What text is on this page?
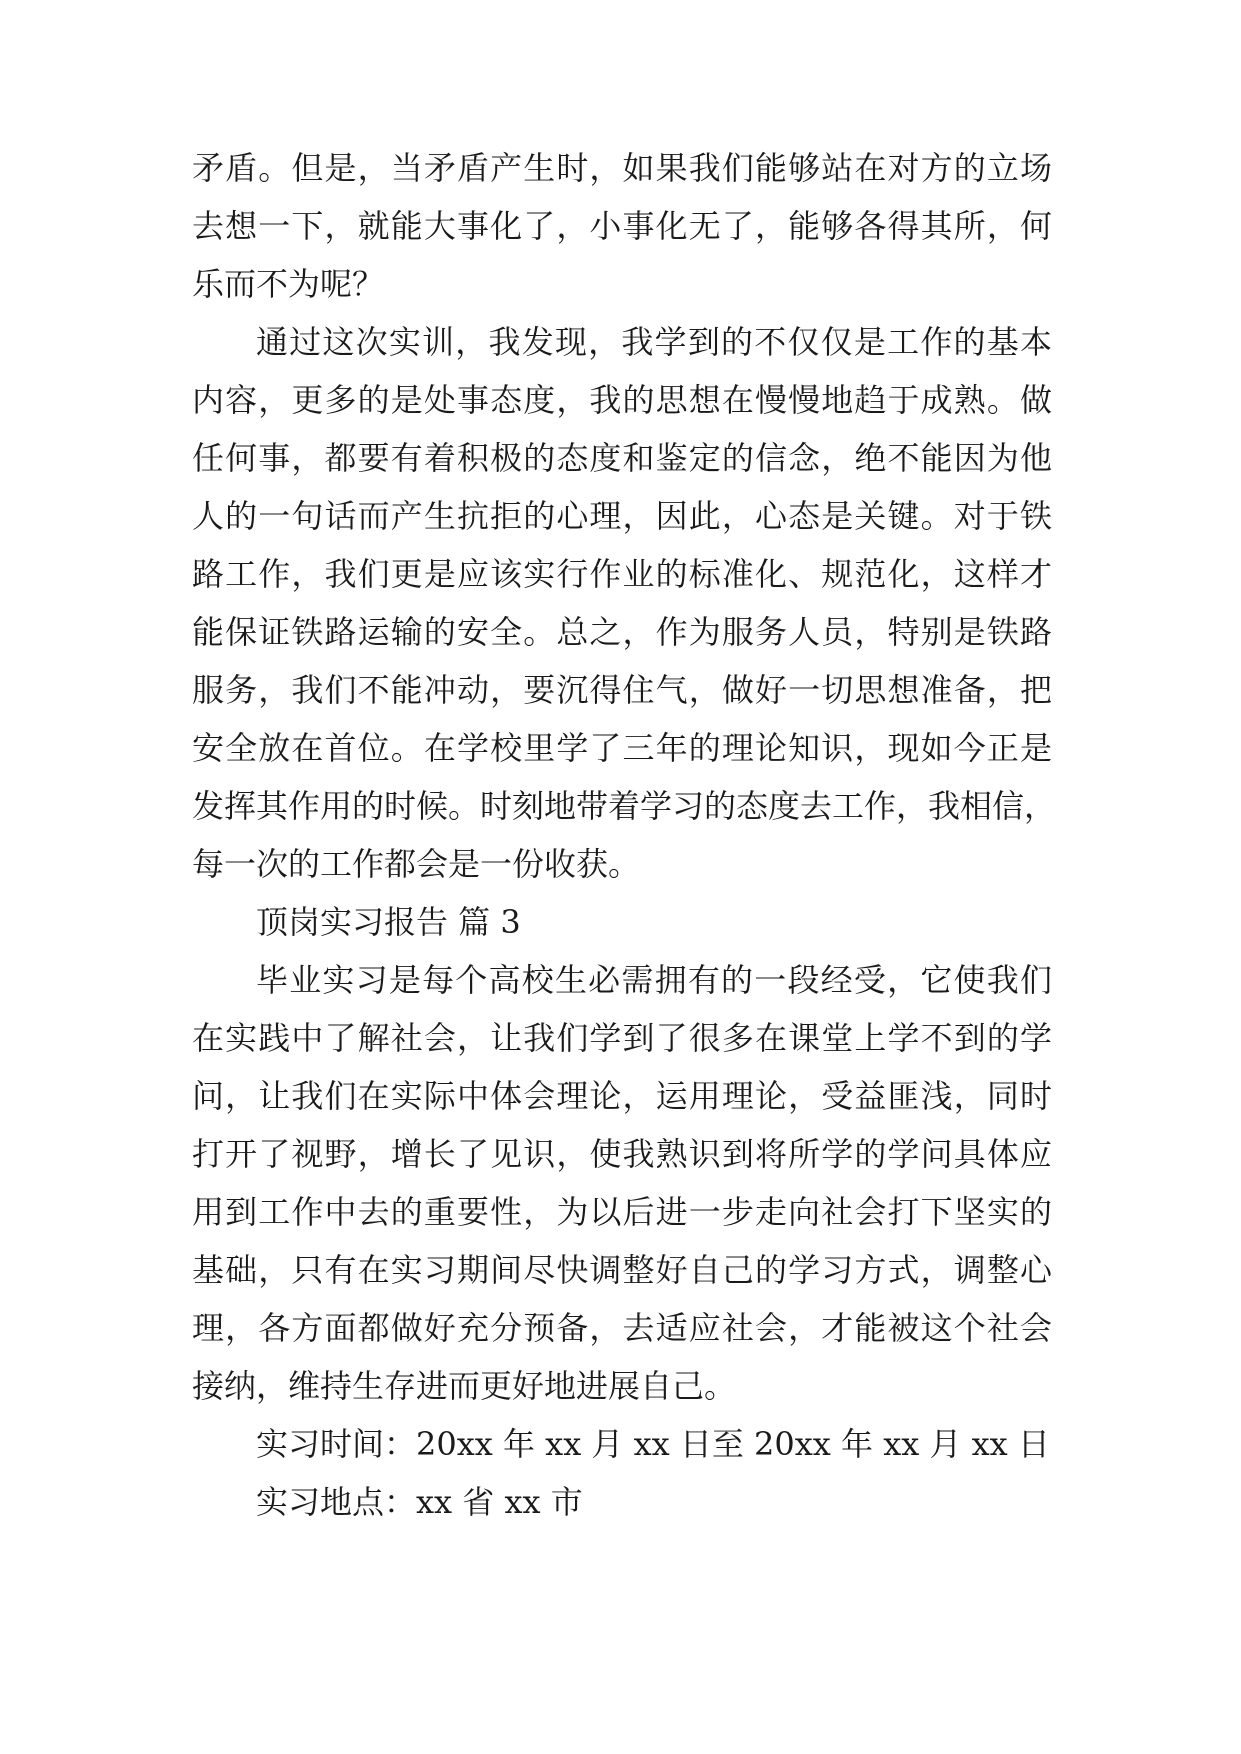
矛盾。但是，当矛盾产生时，如果我们能够站在对方的立场
去想一下，就能大事化了，小事化无了，能够各得其所，何
乐而不为呢？
通过这次实训，我发现，我学到的不仅仅是工作的基本
内容，更多的是处事态度，我的思想在慢慢地趋于成熟。做
任何事，都要有着积极的态度和鉴定的信念，绝不能因为他
人的一句话而产生抗拒的心理，因此，心态是关键。对于铁
路工作，我们更是应该实行作业的标准化、规范化，这样才
能保证铁路运输的安全。总之，作为服务人员，特别是铁路
服务，我们不能冲动，要沉得住气，做好一切思想准备，把
安全放在首位。在学校里学了三年的理论知识，现如今正是
发挥其作用的时候。时刻地带着学习的态度去工作，我相信，
每一次的工作都会是一份收获。
顶岗实习报告 篇 3
毕业实习是每个高校生必需拥有的一段经受，它使我们
在实践中了解社会，让我们学到了很多在课堂上学不到的学
问，让我们在实际中体会理论，运用理论，受益匪浅，同时
打开了视野，增长了见识，使我熟识到将所学的学问具体应
用到工作中去的重要性，为以后进一步走向社会打下坚实的
基础，只有在实习期间尽快调整好自己的学习方式，调整心
理，各方面都做好充分预备，去适应社会，才能被这个社会
接纳，维持生存进而更好地进展自己。
实习时间：20xx 年 xx 月 xx 日至 20xx 年 xx 月 xx 日
实习地点：xx 省 xx 市
